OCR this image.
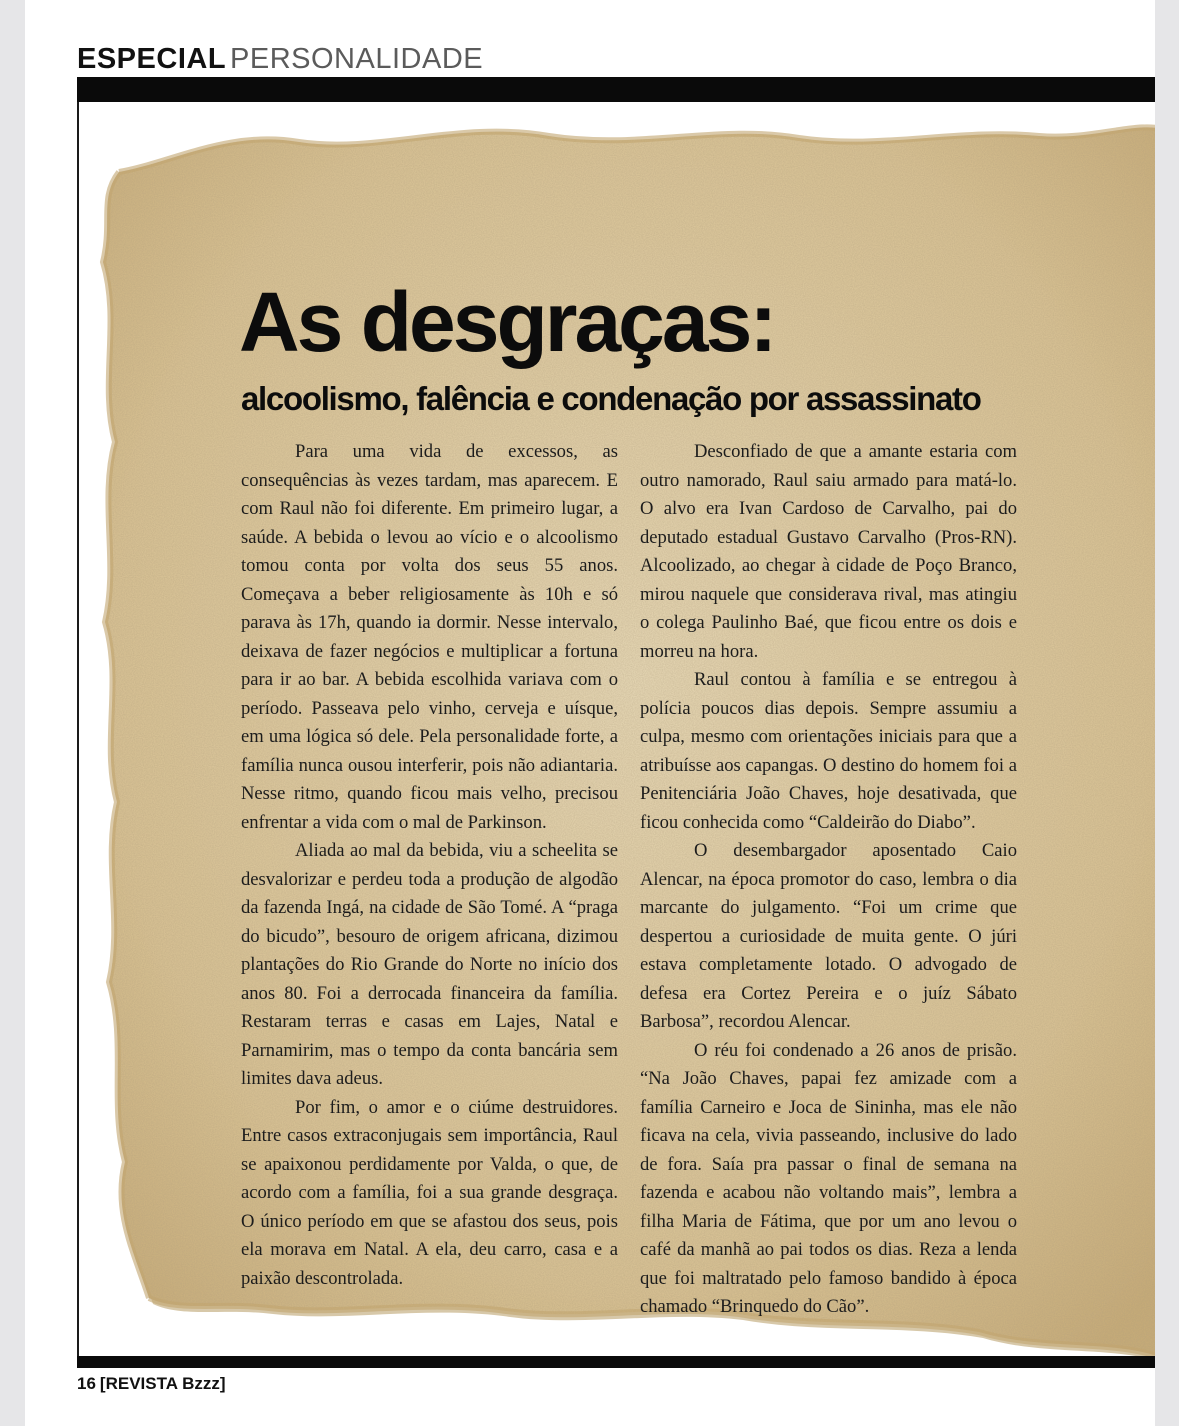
ESPECIAL PERSONALIDADE
As desgraças:
alcoolismo, falência e condenação por assassinato

Para uma vida de excessos, as consequências às vezes tardam, mas aparecem. E com Raul não foi diferente. Em primeiro lugar, a saúde. A bebida o levou ao vício e o alcoolismo tomou conta por volta dos seus 55 anos. Começava a beber religiosamente às 10h e só parava às 17h, quando ia dormir. Nesse intervalo, deixava de fazer negócios e multiplicar a fortuna para ir ao bar. A bebida escolhida variava com o período. Passeava pelo vinho, cerveja e uísque, em uma lógica só dele. Pela personalidade forte, a família nunca ousou interferir, pois não adiantaria. Nesse ritmo, quando ficou mais velho, precisou enfrentar a vida com o mal de Parkinson.

Aliada ao mal da bebida, viu a scheelita se desvalorizar e perdeu toda a produção de algodão da fazenda Ingá, na cidade de São Tomé. A “praga do bicudo”, besouro de origem africana, dizimou plantações do Rio Grande do Norte no início dos anos 80. Foi a derrocada financeira da família. Restaram terras e casas em Lajes, Natal e Parnamirim, mas o tempo da conta bancária sem limites dava adeus.

Por fim, o amor e o ciúme destruidores. Entre casos extraconjugais sem importância, Raul se apaixonou perdidamente por Valda, o que, de acordo com a família, foi a sua grande desgraça. O único período em que se afastou dos seus, pois ela morava em Natal. A ela, deu carro, casa e a paixão descontrolada.

Desconfiado de que a amante estaria com outro namorado, Raul saiu armado para matá-lo. O alvo era Ivan Cardoso de Carvalho, pai do deputado estadual Gustavo Carvalho (Pros-RN). Alcoolizado, ao chegar à cidade de Poço Branco, mirou naquele que considerava rival, mas atingiu o colega Paulinho Baé, que ficou entre os dois e morreu na hora.

Raul contou à família e se entregou à polícia poucos dias depois. Sempre assumiu a culpa, mesmo com orientações iniciais para que a atribuísse aos capangas. O destino do homem foi a Penitenciária João Chaves, hoje desativada, que ficou conhecida como “Caldeirão do Diabo”.

O desembargador aposentado Caio Alencar, na época promotor do caso, lembra o dia marcante do julgamento. “Foi um crime que despertou a curiosidade de muita gente. O júri estava completamente lotado. O advogado de defesa era Cortez Pereira e o juíz Sábato Barbosa”, recordou Alencar.

O réu foi condenado a 26 anos de prisão. “Na João Chaves, papai fez amizade com a família Carneiro e Joca de Sininha, mas ele não ficava na cela, vivia passeando, inclusive do lado de fora. Saía pra passar o final de semana na fazenda e acabou não voltando mais”, lembra a filha Maria de Fátima, que por um ano levou o café da manhã ao pai todos os dias. Reza a lenda que foi maltratado pelo famoso bandido à época chamado “Brinquedo do Cão”.

16 [REVISTA Bzzz]
